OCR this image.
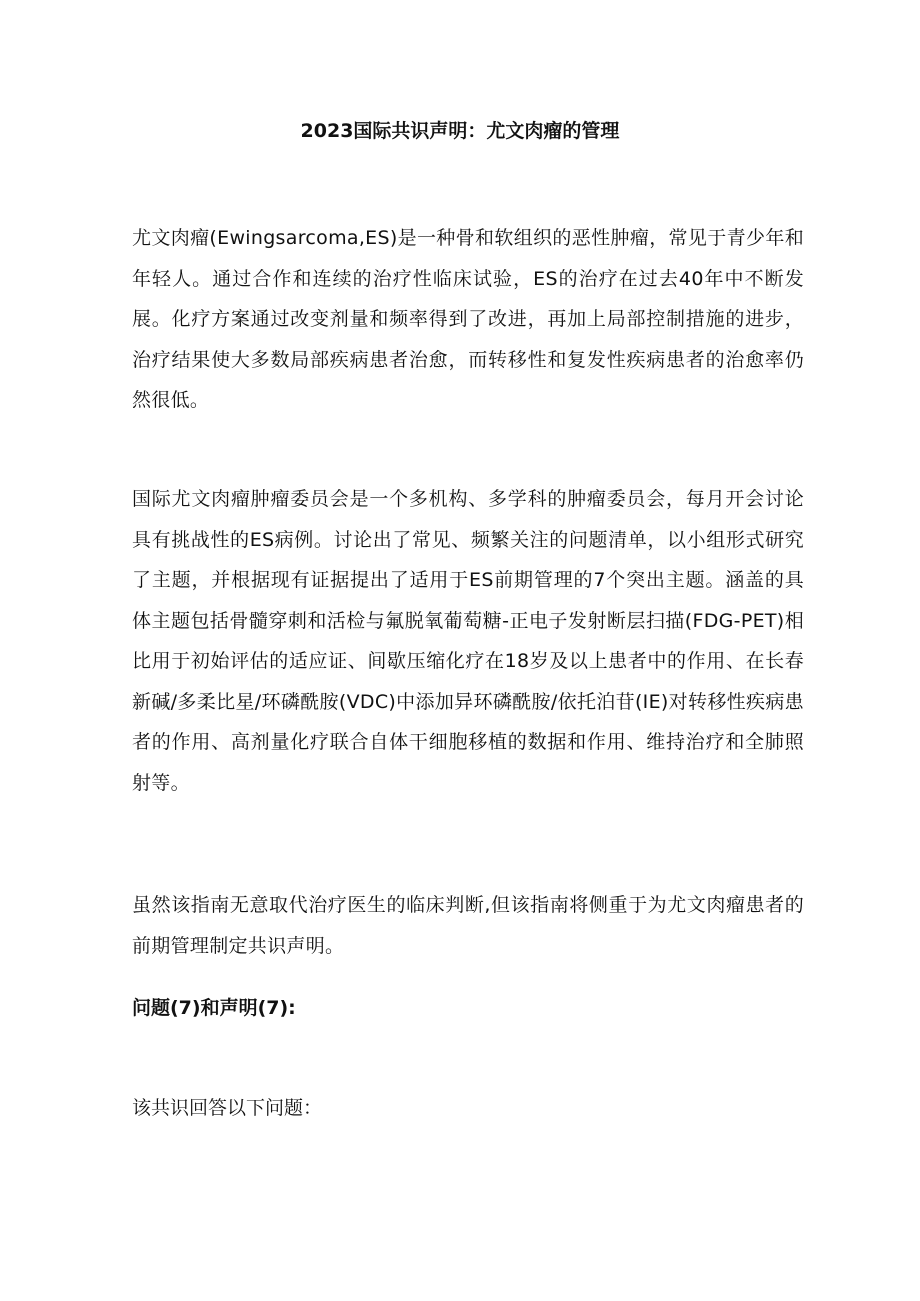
2023国际共识声明：尤文肉瘤的管理

尤文肉瘤(Ewingsarcoma,ES)是一种骨和软组织的恶性肿瘤，常见于青少年和年轻人。通过合作和连续的治疗性临床试验，ES的治疗在过去40年中不断发展。化疗方案通过改变剂量和频率得到了改进，再加上局部控制措施的进步，治疗结果使大多数局部疾病患者治愈，而转移性和复发性疾病患者的治愈率仍然很低。

国际尤文肉瘤肿瘤委员会是一个多机构、多学科的肿瘤委员会，每月开会讨论具有挑战性的ES病例。讨论出了常见、频繁关注的问题清单，以小组形式研究了主题，并根据现有证据提出了适用于ES前期管理的7个突出主题。涵盖的具体主题包括骨髓穿刺和活检与氟脱氧葡萄糖-正电子发射断层扫描(FDG-PET)相比用于初始评估的适应证、间歇压缩化疗在18岁及以上患者中的作用、在长春新碱/多柔比星/环磷酰胺(VDC)中添加异环磷酰胺/依托泊苷(IE)对转移性疾病患者的作用、高剂量化疗联合自体干细胞移植的数据和作用、维持治疗和全肺照射等。

虽然该指南无意取代治疗医生的临床判断,但该指南将侧重于为尤文肉瘤患者的前期管理制定共识声明。

问题(7)和声明(7):

该共识回答以下问题：
